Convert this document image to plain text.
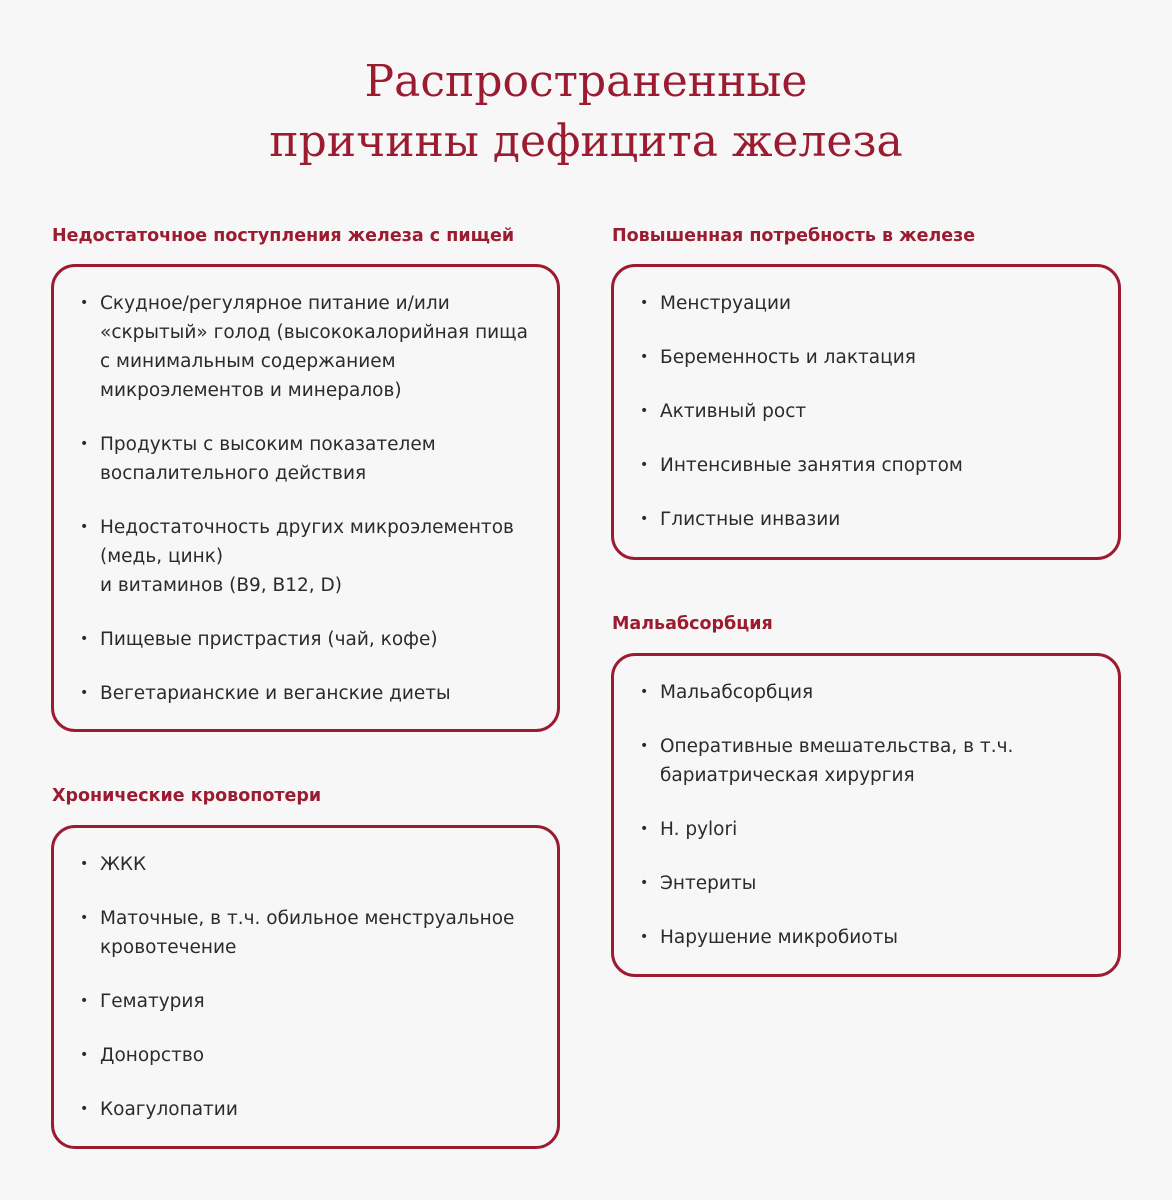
Распространенные
причины дефицита железа
Недостаточное поступления железа с пищей
• Скудное/регулярное питание и/или «скрытый» голод (высококалорийная пища с минимальным содержанием микроэлементов и минералов)
• Продукты с высоким показателем воспалительного действия
• Недостаточность других микроэлементов (медь, цинк)
и витаминов (B9, B12, D)
• Пищевые пристрастия (чай, кофе)
• Вегетарианские и веганские диеты
Хронические кровопотери
• ЖКК
• Маточные, в т.ч. обильное менструальное кровотечение
• Гематурия
• Донорство
• Коагулопатии
Повышенная потребность в железе
• Менструации
• Беременность и лактация
• Активный рост
• Интенсивные занятия спортом
• Глистные инвазии
Мальабсорбция
• Мальабсорбция
• Оперативные вмешательства, в т.ч. бариатрическая хирургия
• H. pylori
• Энтериты
• Нарушение микробиоты
